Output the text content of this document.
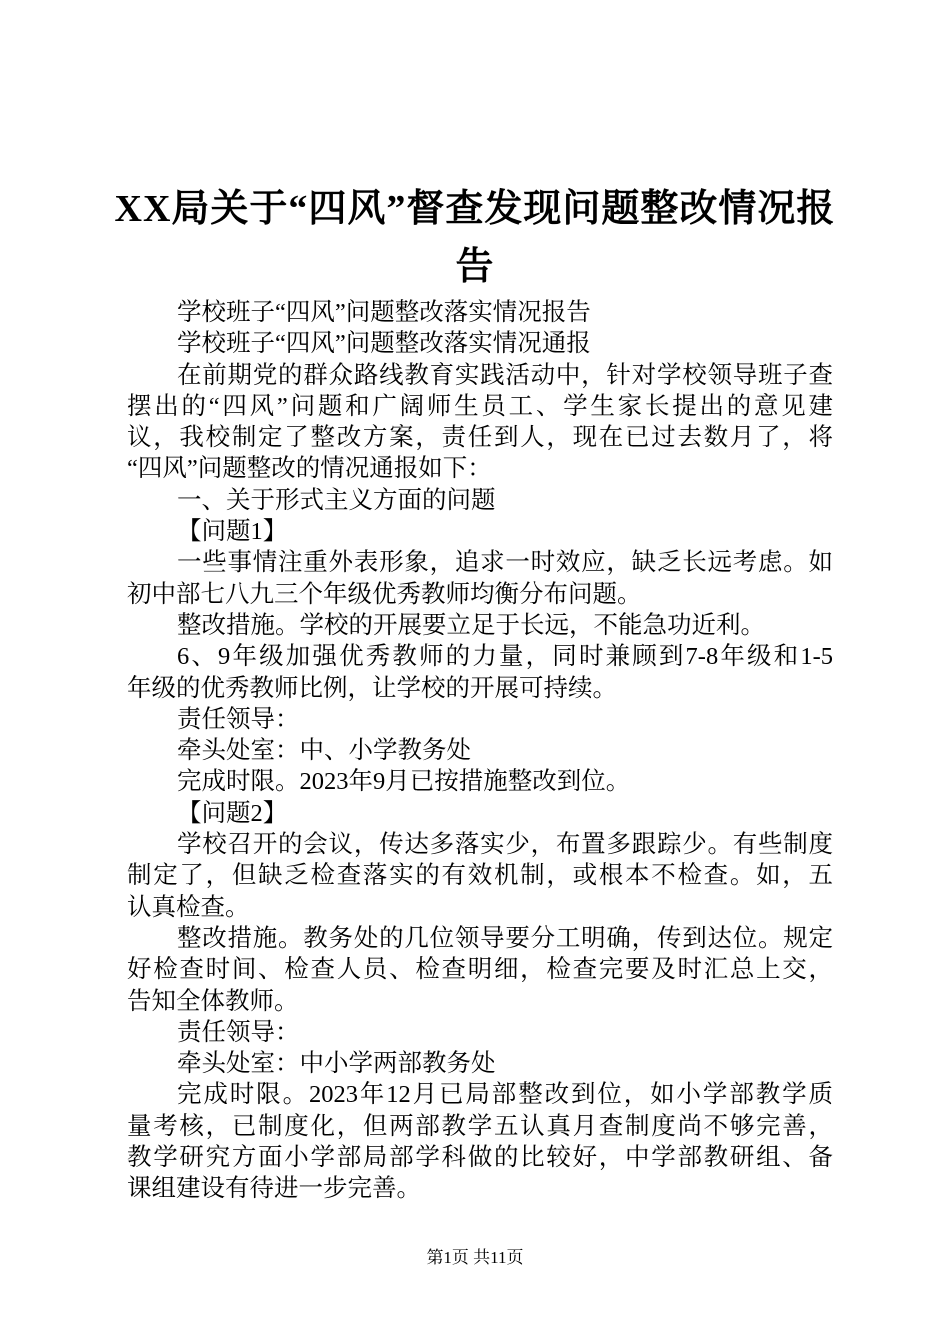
XX局关于“四风”督查发现问题整改情况报
告
学校班子“四风”问题整改落实情况报告
学校班子“四风”问题整改落实情况通报
在前期党的群众路线教育实践活动中，针对学校领导班子查
摆出的“四风”问题和广阔师生员工、学生家长提出的意见建
议，我校制定了整改方案，责任到人，现在已过去数月了，将
“四风”问题整改的情况通报如下：
一、关于形式主义方面的问题
【问题1】
一些事情注重外表形象，追求一时效应，缺乏长远考虑。如
初中部七八九三个年级优秀教师均衡分布问题。
整改措施。学校的开展要立足于长远，不能急功近利。
6、9年级加强优秀教师的力量，同时兼顾到7-8年级和1-5
年级的优秀教师比例，让学校的开展可持续。
责任领导：
牵头处室：中、小学教务处
完成时限。2023年9月已按措施整改到位。
【问题2】
学校召开的会议，传达多落实少，布置多跟踪少。有些制度
制定了，但缺乏检查落实的有效机制，或根本不检查。如，五
认真检查。
整改措施。教务处的几位领导要分工明确，传到达位。规定
好检查时间、检查人员、检查明细，检查完要及时汇总上交，
告知全体教师。
责任领导：
牵头处室：中小学两部教务处
完成时限。2023年12月已局部整改到位，如小学部教学质
量考核，已制度化，但两部教学五认真月查制度尚不够完善，
教学研究方面小学部局部学科做的比较好，中学部教研组、备
课组建设有待进一步完善。
第1页 共11页
